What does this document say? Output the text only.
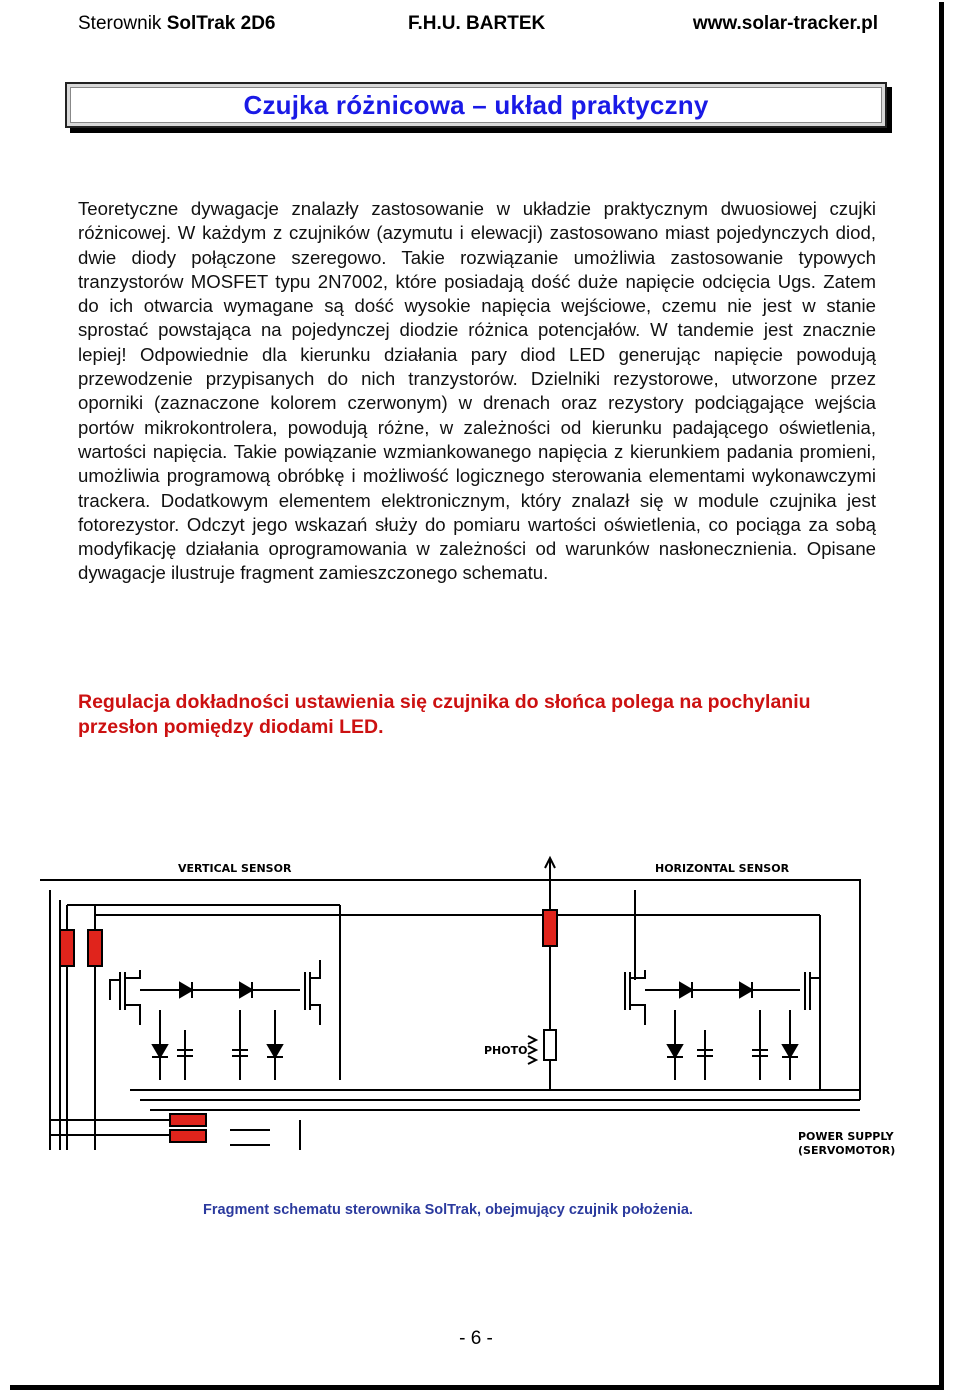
Sterownik SolTrak 2D6	F.H.U. BARTEK	www.solar-tracker.pl
Czujka różnicowa – układ praktyczny
Teoretyczne dywagacje znalazły zastosowanie w układzie praktycznym dwuosiowej czujki różnicowej. W każdym z czujników (azymutu i elewacji) zastosowano miast pojedynczych diod, dwie diody połączone szeregowo. Takie rozwiązanie umożliwia zastosowanie typowych tranzystorów MOSFET typu 2N7002, które posiadają dość duże napięcie odcięcia Ugs. Zatem do ich otwarcia wymagane są dość wysokie napięcia wejściowe, czemu nie jest w stanie sprostać powstająca na pojedynczej diodzie różnica potencjałów. W tandemie jest znacznie lepiej! Odpowiednie dla kierunku działania pary diod LED generując napięcie powodują przewodzenie przypisanych do nich tranzystorów. Dzielniki rezystorowe, utworzone przez oporniki (zaznaczone kolorem czerwonym) w drenach oraz rezystory podciągające wejścia portów mikrokontrolera, powodują różne, w zależności od kierunku padającego oświetlenia, wartości napięcia. Takie powiązanie wzmiankowanego napięcia z kierunkiem padania promieni, umożliwia programową obróbkę i możliwość logicznego sterowania elementami wykonawczymi trackera. Dodatkowym elementem elektronicznym, który znalazł się w module czujnika jest fotorezystor. Odczyt jego wskazań służy do pomiaru wartości oświetlenia, co pociąga za sobą modyfikację działania oprogramowania w zależności od warunków nasłonecznienia. Opisane dywagacje ilustruje fragment zamieszczonego schematu.
Regulacja dokładności ustawienia się czujnika do słońca polega na pochylaniu przesłon pomiędzy diodami LED.
VERTICAL SENSOR	HORIZONTAL SENSOR
PHOTO
POWER SUPPLY
(SERVOMOTOR)
Fragment schematu sterownika SolTrak, obejmujący czujnik położenia.
- 6 -
